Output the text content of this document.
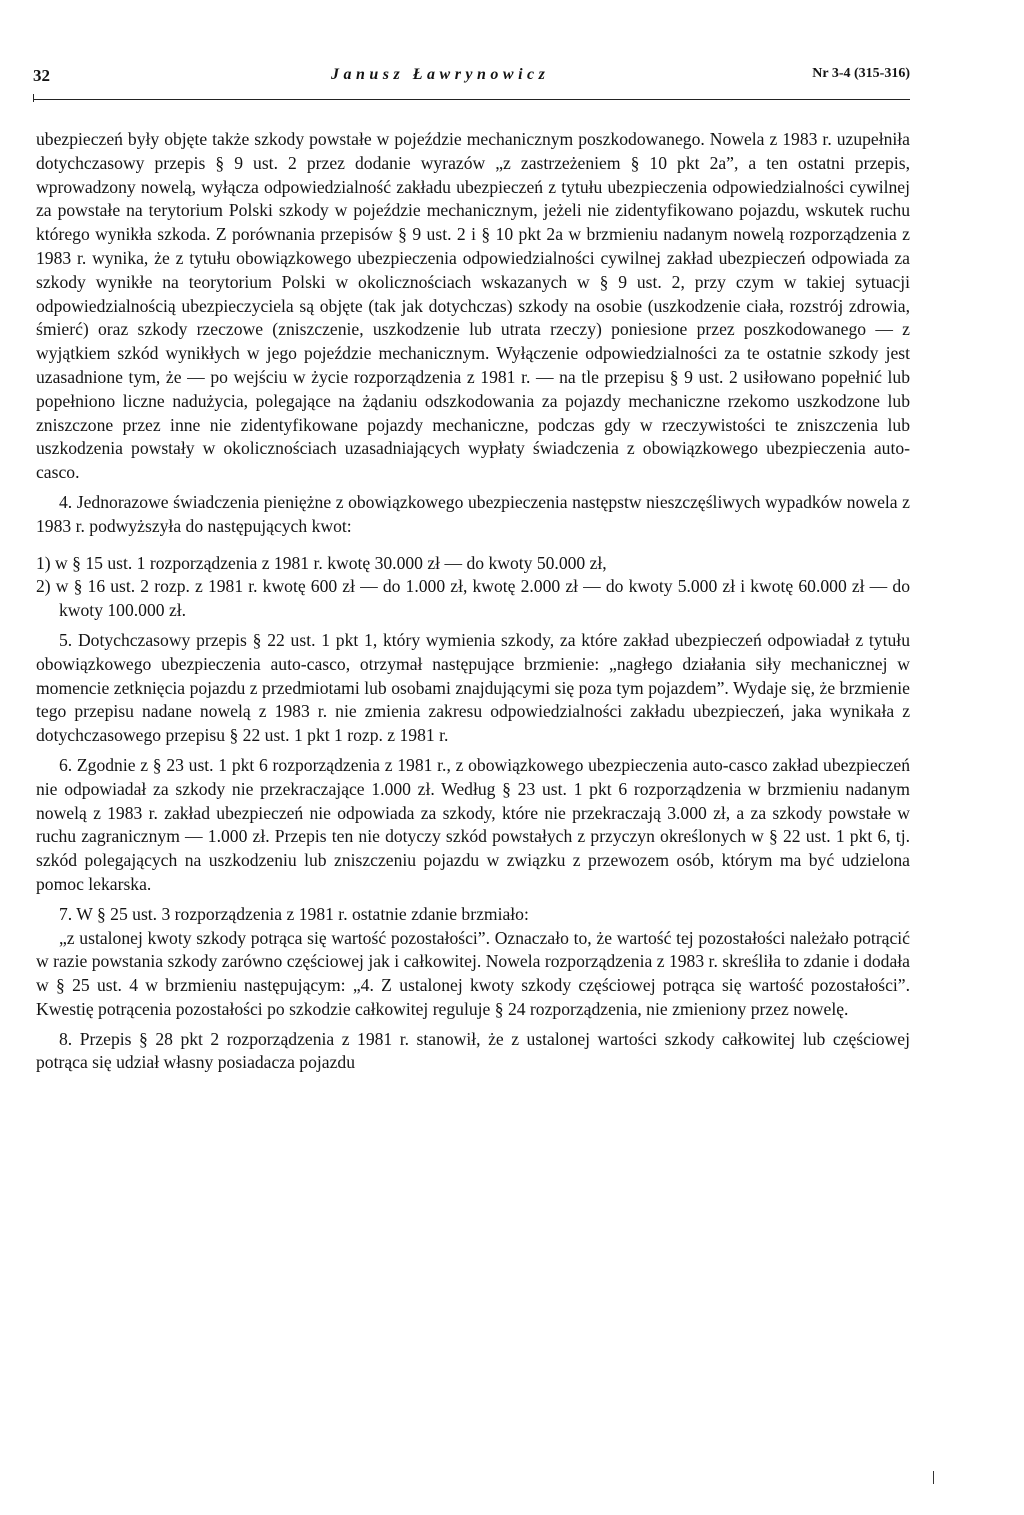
32	Janusz Ławrynowicz	Nr 3-4 (315-316)

ubezpieczeń były objęte także szkody powstałe w pojeździe mechanicznym poszkodowanego. Nowela z 1983 r. uzupełniła dotychczasowy przepis § 9 ust. 2 przez dodanie wyrazów „z zastrzeżeniem § 10 pkt 2a”, a ten ostatni przepis, wprowadzony nowelą, wyłącza odpowiedzialność zakładu ubezpieczeń z tytułu ubezpieczenia odpowiedzialności cywilnej za powstałe na terytorium Polski szkody w pojeździe mechanicznym, jeżeli nie zidentyfikowano pojazdu, wskutek ruchu którego wynikła szkoda. Z porównania przepisów § 9 ust. 2 i § 10 pkt 2a w brzmieniu nadanym nowelą rozporządzenia z 1983 r. wynika, że z tytułu obowiązkowego ubezpieczenia odpowiedzialności cywilnej zakład ubezpieczeń odpowiada za szkody wynikłe na teorytorium Polski w okolicznościach wskazanych w § 9 ust. 2, przy czym w takiej sytuacji odpowiedzialnością ubezpieczyciela są objęte (tak jak dotychczas) szkody na osobie (uszkodzenie ciała, rozstrój zdrowia, śmierć) oraz szkody rzeczowe (zniszczenie, uszkodzenie lub utrata rzeczy) poniesione przez poszkodowanego — z wyjątkiem szkód wynikłych w jego pojeździe mechanicznym. Wyłączenie odpowiedzialności za te ostatnie szkody jest uzasadnione tym, że — po wejściu w życie rozporządzenia z 1981 r. — na tle przepisu § 9 ust. 2 usiłowano popełnić lub popełniono liczne nadużycia, polegające na żądaniu odszkodowania za pojazdy mechaniczne rzekomo uszkodzone lub zniszczone przez inne nie zidentyfikowane pojazdy mechaniczne, podczas gdy w rzeczywistości te zniszczenia lub uszkodzenia powstały w okolicznościach uzasadniających wypłaty świadczenia z obowiązkowego ubezpieczenia auto-casco.

4. Jednorazowe świadczenia pieniężne z obowiązkowego ubezpieczenia następstw nieszczęśliwych wypadków nowela z 1983 r. podwyższyła do następujących kwot:

1) w § 15 ust. 1 rozporządzenia z 1981 r. kwotę 30.000 zł — do kwoty 50.000 zł,
2) w § 16 ust. 2 rozp. z 1981 r. kwotę 600 zł — do 1.000 zł, kwotę 2.000 zł — do kwoty 5.000 zł i kwotę 60.000 zł — do kwoty 100.000 zł.

5. Dotychczasowy przepis § 22 ust. 1 pkt 1, który wymienia szkody, za które zakład ubezpieczeń odpowiadał z tytułu obowiązkowego ubezpieczenia auto-casco, otrzymał następujące brzmienie: „nagłego działania siły mechanicznej w momencie zetknięcia pojazdu z przedmiotami lub osobami znajdującymi się poza tym pojazdem”. Wydaje się, że brzmienie tego przepisu nadane nowelą z 1983 r. nie zmienia zakresu odpowiedzialności zakładu ubezpieczeń, jaka wynikała z dotychczasowego przepisu § 22 ust. 1 pkt 1 rozp. z 1981 r.

6. Zgodnie z § 23 ust. 1 pkt 6 rozporządzenia z 1981 r., z obowiązkowego ubezpieczenia auto-casco zakład ubezpieczeń nie odpowiadał za szkody nie przekraczające 1.000 zł. Według § 23 ust. 1 pkt 6 rozporządzenia w brzmieniu nadanym nowelą z 1983 r. zakład ubezpieczeń nie odpowiada za szkody, które nie przekraczają 3.000 zł, a za szkody powstałe w ruchu zagranicznym — 1.000 zł. Przepis ten nie dotyczy szkód powstałych z przyczyn określonych w § 22 ust. 1 pkt 6, tj. szkód polegających na uszkodzeniu lub zniszczeniu pojazdu w związku z przewozem osób, którym ma być udzielona pomoc lekarska.

7. W § 25 ust. 3 rozporządzenia z 1981 r. ostatnie zdanie brzmiało:

„z ustalonej kwoty szkody potrąca się wartość pozostałości”. Oznaczało to, że wartość tej pozostałości należało potrącić w razie powstania szkody zarówno częściowej jak i całkowitej. Nowela rozporządzenia z 1983 r. skreśliła to zdanie i dodała w § 25 ust. 4 w brzmieniu następującym: „4. Z ustalonej kwoty szkody częściowej potrąca się wartość pozostałości”. Kwestię potrącenia pozostałości po szkodzie całkowitej reguluje § 24 rozporządzenia, nie zmieniony przez nowelę.

8. Przepis § 28 pkt 2 rozporządzenia z 1981 r. stanowił, że z ustalonej wartości szkody całkowitej lub częściowej potrąca się udział własny posiadacza pojazdu
